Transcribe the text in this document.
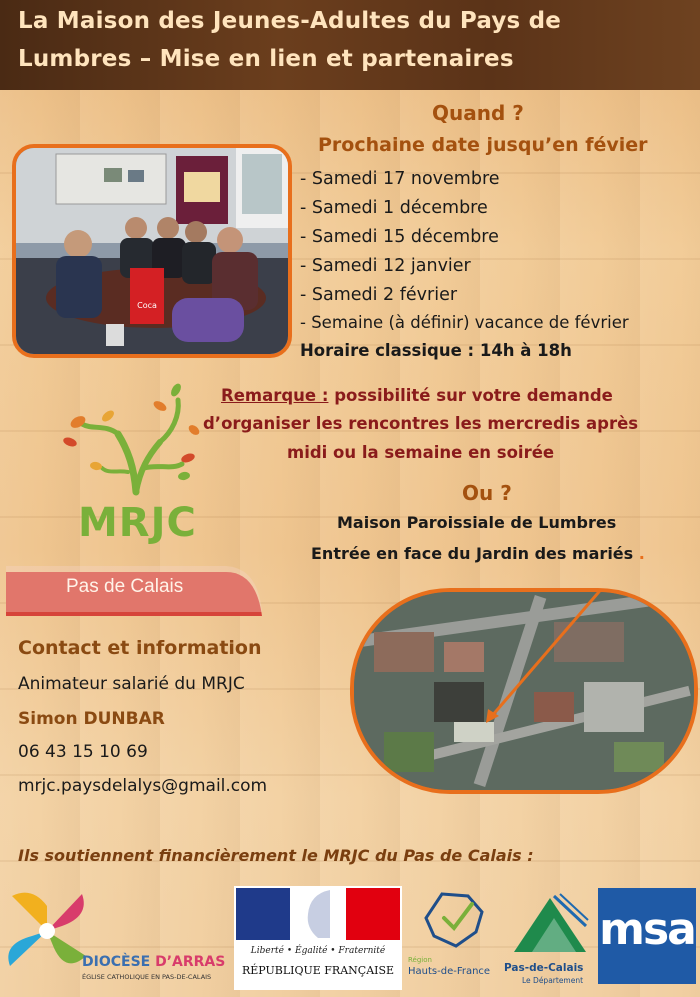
La Maison des Jeunes-Adultes du Pays de
Lumbres – Mise en lien et partenaires
Coca
Quand ?
Prochaine date jusqu’en févier
- Samedi 17 novembre
- Samedi 1 décembre
- Samedi 15 décembre
- Samedi 12 janvier
- Samedi 2 février
- Semaine (à définir) vacance de février
Horaire classique : 14h à 18h
MRJC
Remarque : possibilité sur votre demande
d’organiser les rencontres les mercredis après
midi ou la semaine en soirée
Ou ?
Maison Paroissiale de Lumbres
Entrée en face du Jardin des mariés .
Pas de Calais
Contact et information
Animateur salarié du MRJC
Simon DUNBAR
06 43 15 10 69
mrjc.paysdelalys@gmail.com
Ils soutiennent financièrement le MRJC du Pas de Calais :
DIOCÈSE D’ARRAS
ÉGLISE CATHOLIQUE EN PAS-DE-CALAIS
Liberté • Égalité • Fraternité
RÉPUBLIQUE FRANÇAISE
Région
Hauts-de-France Pas-de-Calais
Le Département
msa
